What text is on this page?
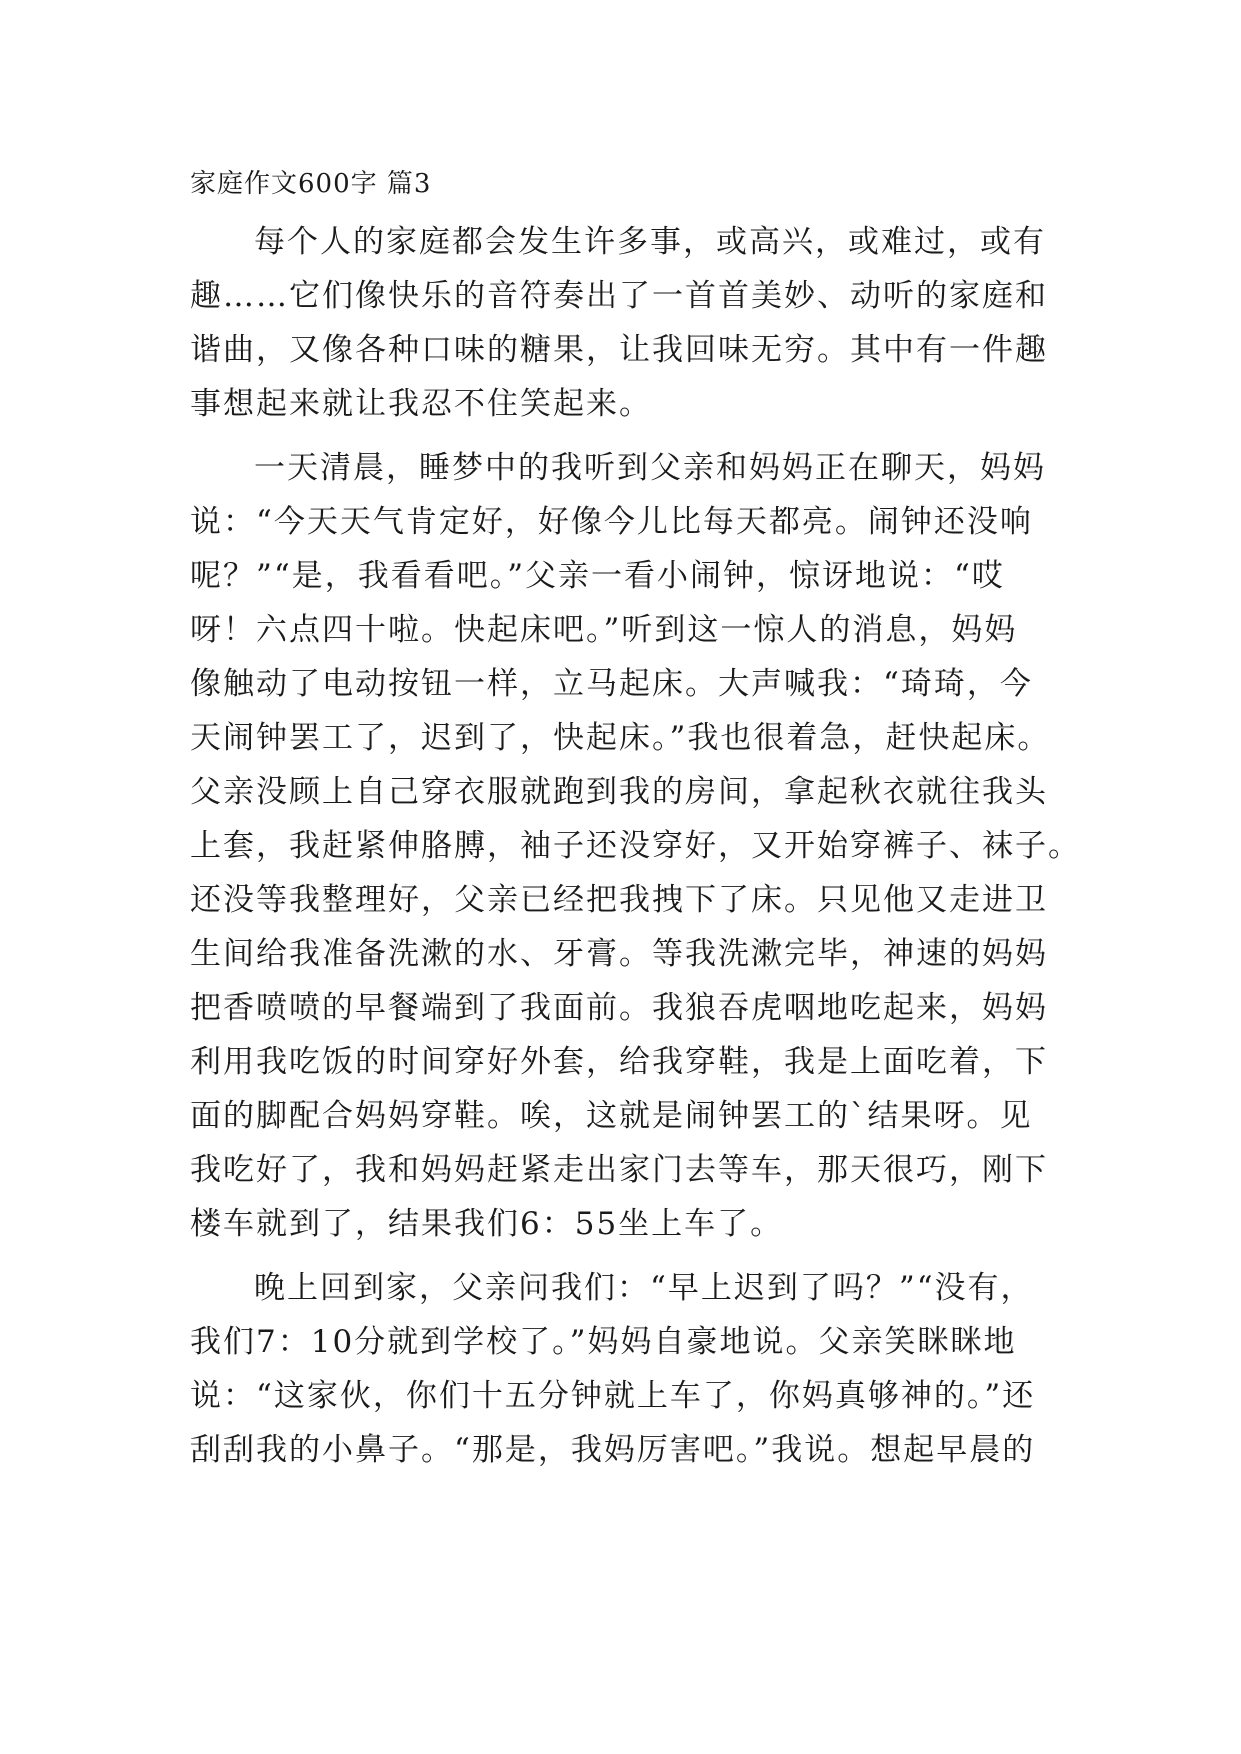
家庭作文600字 篇3
每个人的家庭都会发生许多事，或高兴，或难过，或有
趣……它们像快乐的音符奏出了一首首美妙、动听的家庭和
谐曲，又像各种口味的糖果，让我回味无穷。其中有一件趣
事想起来就让我忍不住笑起来。
一天清晨，睡梦中的我听到父亲和妈妈正在聊天，妈妈
说：“今天天气肯定好，好像今儿比每天都亮。闹钟还没响
呢？”“是，我看看吧。”父亲一看小闹钟，惊讶地说：“哎
呀！六点四十啦。快起床吧。”听到这一惊人的消息，妈妈
像触动了电动按钮一样，立马起床。大声喊我：“琦琦，今
天闹钟罢工了，迟到了，快起床。”我也很着急，赶快起床。
父亲没顾上自己穿衣服就跑到我的房间，拿起秋衣就往我头
上套，我赶紧伸胳膊，袖子还没穿好，又开始穿裤子、袜子。
还没等我整理好，父亲已经把我拽下了床。只见他又走进卫
生间给我准备洗漱的水、牙膏。等我洗漱完毕，神速的妈妈
把香喷喷的早餐端到了我面前。我狼吞虎咽地吃起来，妈妈
利用我吃饭的时间穿好外套，给我穿鞋，我是上面吃着，下
面的脚配合妈妈穿鞋。唉，这就是闹钟罢工的`结果呀。见
我吃好了，我和妈妈赶紧走出家门去等车，那天很巧，刚下
楼车就到了，结果我们6：55坐上车了。
晚上回到家，父亲问我们：“早上迟到了吗？”“没有，
我们7：10分就到学校了。”妈妈自豪地说。父亲笑眯眯地
说：“这家伙，你们十五分钟就上车了，你妈真够神的。”还
刮刮我的小鼻子。“那是，我妈厉害吧。”我说。想起早晨的
